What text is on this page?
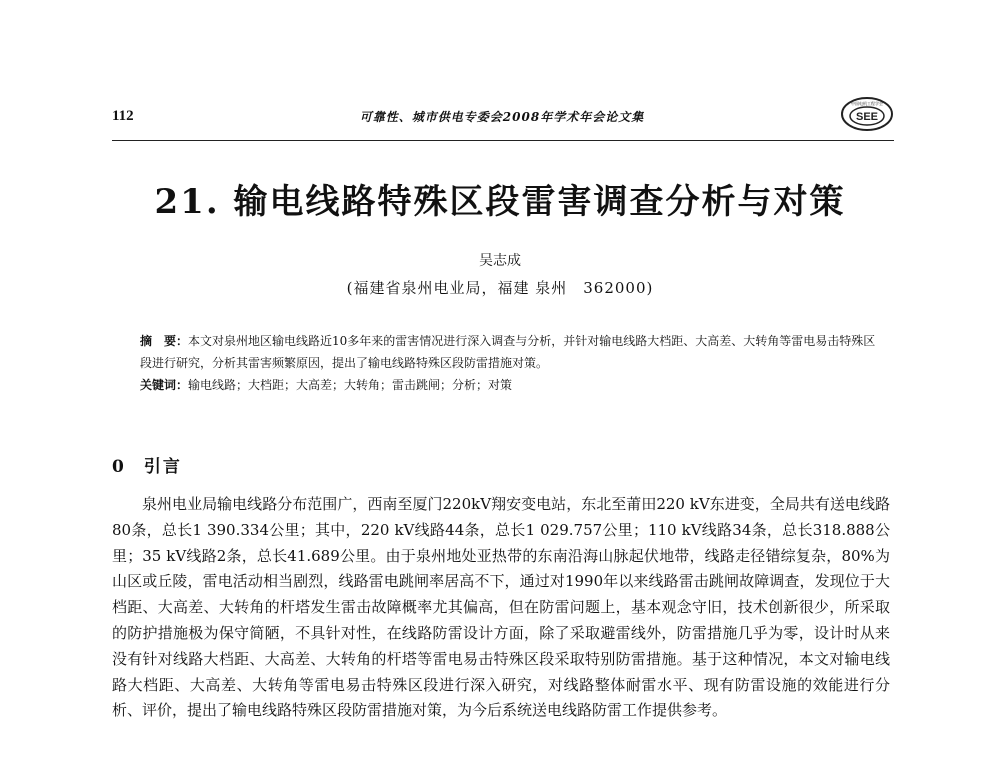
112	可靠性、城市供电专委会2008年学术年会论文集	SEE
中国电机工程学会
21. 输电线路特殊区段雷害调查分析与对策
吴志成
(福建省泉州电业局，福建 泉州　362000)
摘　要：本文对泉州地区输电线路近10多年来的雷害情况进行深入调查与分析，并针对输电线路大档距、大高差、大转角等雷电易击特殊区段进行研究，分析其雷害频繁原因，提出了输电线路特殊区段防雷措施对策。
关键词：输电线路；大档距；大高差；大转角；雷击跳闸；分析；对策
0 引言
泉州电业局输电线路分布范围广，西南至厦门220kV翔安变电站，东北至莆田220 kV东进变，全局共有送电线路80条，总长1 390.334公里；其中，220 kV线路44条，总长1 029.757公里；110 kV线路34条，总长318.888公里；35 kV线路2条，总长41.689公里。由于泉州地处亚热带的东南沿海山脉起伏地带，线路走径错综复杂，80%为山区或丘陵，雷电活动相当剧烈，线路雷电跳闸率居高不下，通过对1990年以来线路雷击跳闸故障调查，发现位于大档距、大高差、大转角的杆塔发生雷击故障概率尤其偏高，但在防雷问题上，基本观念守旧，技术创新很少，所采取的防护措施极为保守简陋，不具针对性，在线路防雷设计方面，除了采取避雷线外，防雷措施几乎为零，设计时从来没有针对线路大档距、大高差、大转角的杆塔等雷电易击特殊区段采取特别防雷措施。基于这种情况，本文对输电线路大档距、大高差、大转角等雷电易击特殊区段进行深入研究，对线路整体耐雷水平、现有防雷设施的效能进行分析、评价，提出了输电线路特殊区段防雷措施对策，为今后系统送电线路防雷工作提供参考。
